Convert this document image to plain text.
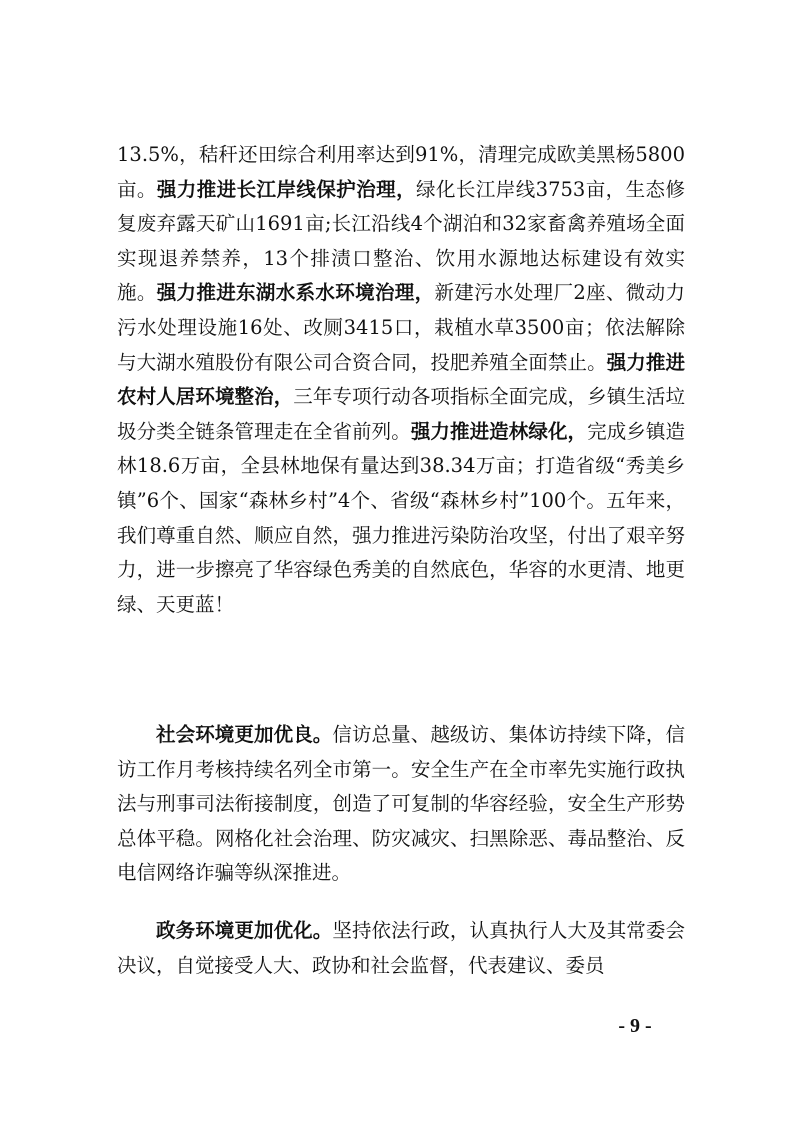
13.5%，秸秆还田综合利用率达到91%，清理完成欧美黑杨5800亩。强力推进长江岸线保护治理，绿化长江岸线3753亩，生态修复废弃露天矿山1691亩;长江沿线4个湖泊和32家畜禽养殖场全面实现退养禁养，13个排渍口整治、饮用水源地达标建设有效实施。强力推进东湖水系水环境治理，新建污水处理厂2座、微动力污水处理设施16处、改厕3415口，栽植水草3500亩；依法解除与大湖水殖股份有限公司合资合同，投肥养殖全面禁止。强力推进农村人居环境整治，三年专项行动各项指标全面完成，乡镇生活垃圾分类全链条管理走在全省前列。强力推进造林绿化，完成乡镇造林18.6万亩，全县林地保有量达到38.34万亩；打造省级“秀美乡镇”6个、国家“森林乡村”4个、省级“森林乡村”100个。五年来，我们尊重自然、顺应自然，强力推进污染防治攻坚，付出了艰辛努力，进一步擦亮了华容绿色秀美的自然底色，华容的水更清、地更绿、天更蓝！

社会环境更加优良。信访总量、越级访、集体访持续下降，信访工作月考核持续名列全市第一。安全生产在全市率先实施行政执法与刑事司法衔接制度，创造了可复制的华容经验，安全生产形势总体平稳。网格化社会治理、防灾减灾、扫黑除恶、毒品整治、反电信网络诈骗等纵深推进。

政务环境更加优化。坚持依法行政，认真执行人大及其常委会决议，自觉接受人大、政协和社会监督，代表建议、委员

- 9 -
